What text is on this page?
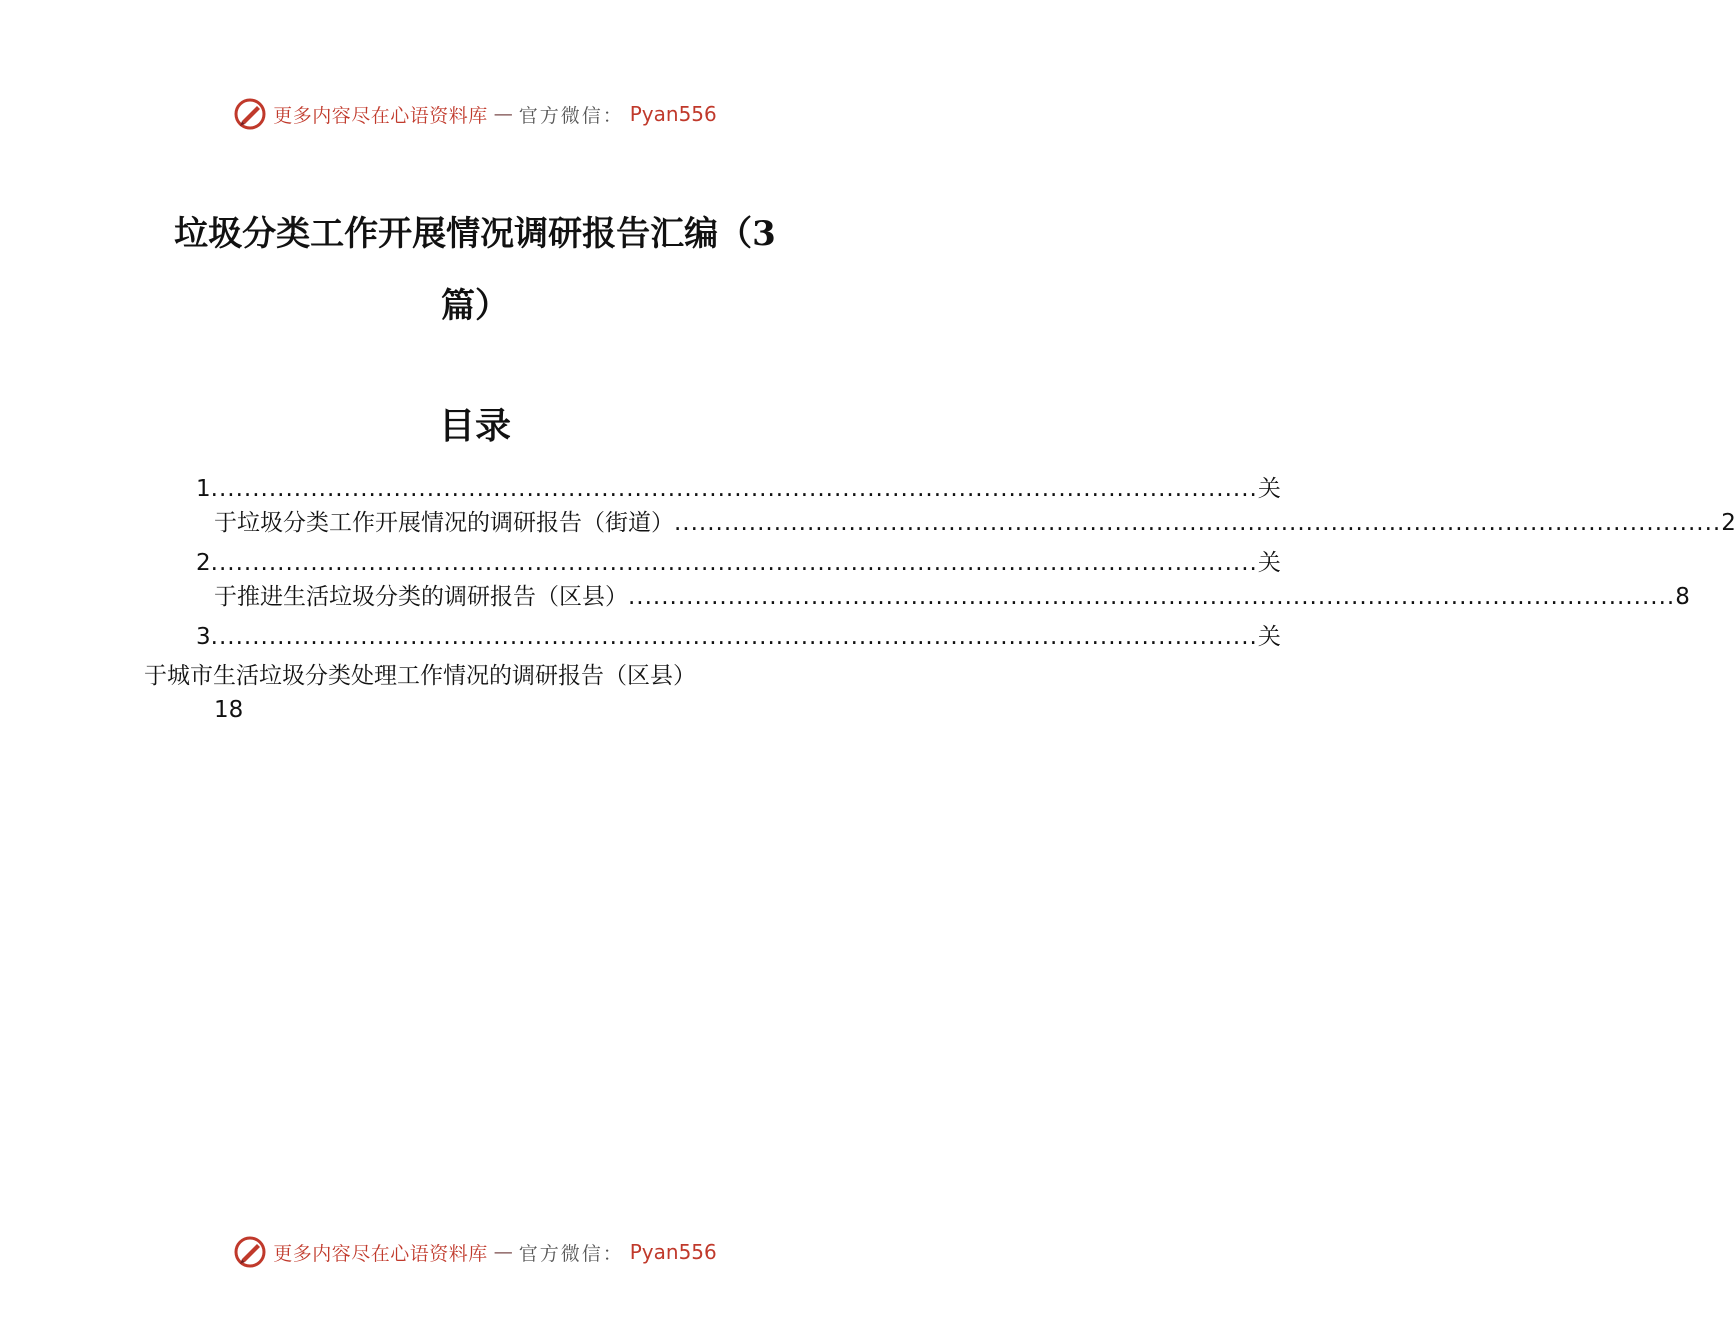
更多内容尽在心语资料库 — 官方微信： Pyan556
垃圾分类工作开展情况调研报告汇编（3
篇）
目录
1 .............................................................................................................................. 关
于垃圾分类工作开展情况的调研报告（街道） .............................................................................................................................. 2
2 .............................................................................................................................. 关
于推进生活垃圾分类的调研报告（区县） .............................................................................................................................. 8
3 .............................................................................................................................. 关
于城市生活垃圾分类处理工作情况的调研报告（区县）
18
更多内容尽在心语资料库 — 官方微信： Pyan556
